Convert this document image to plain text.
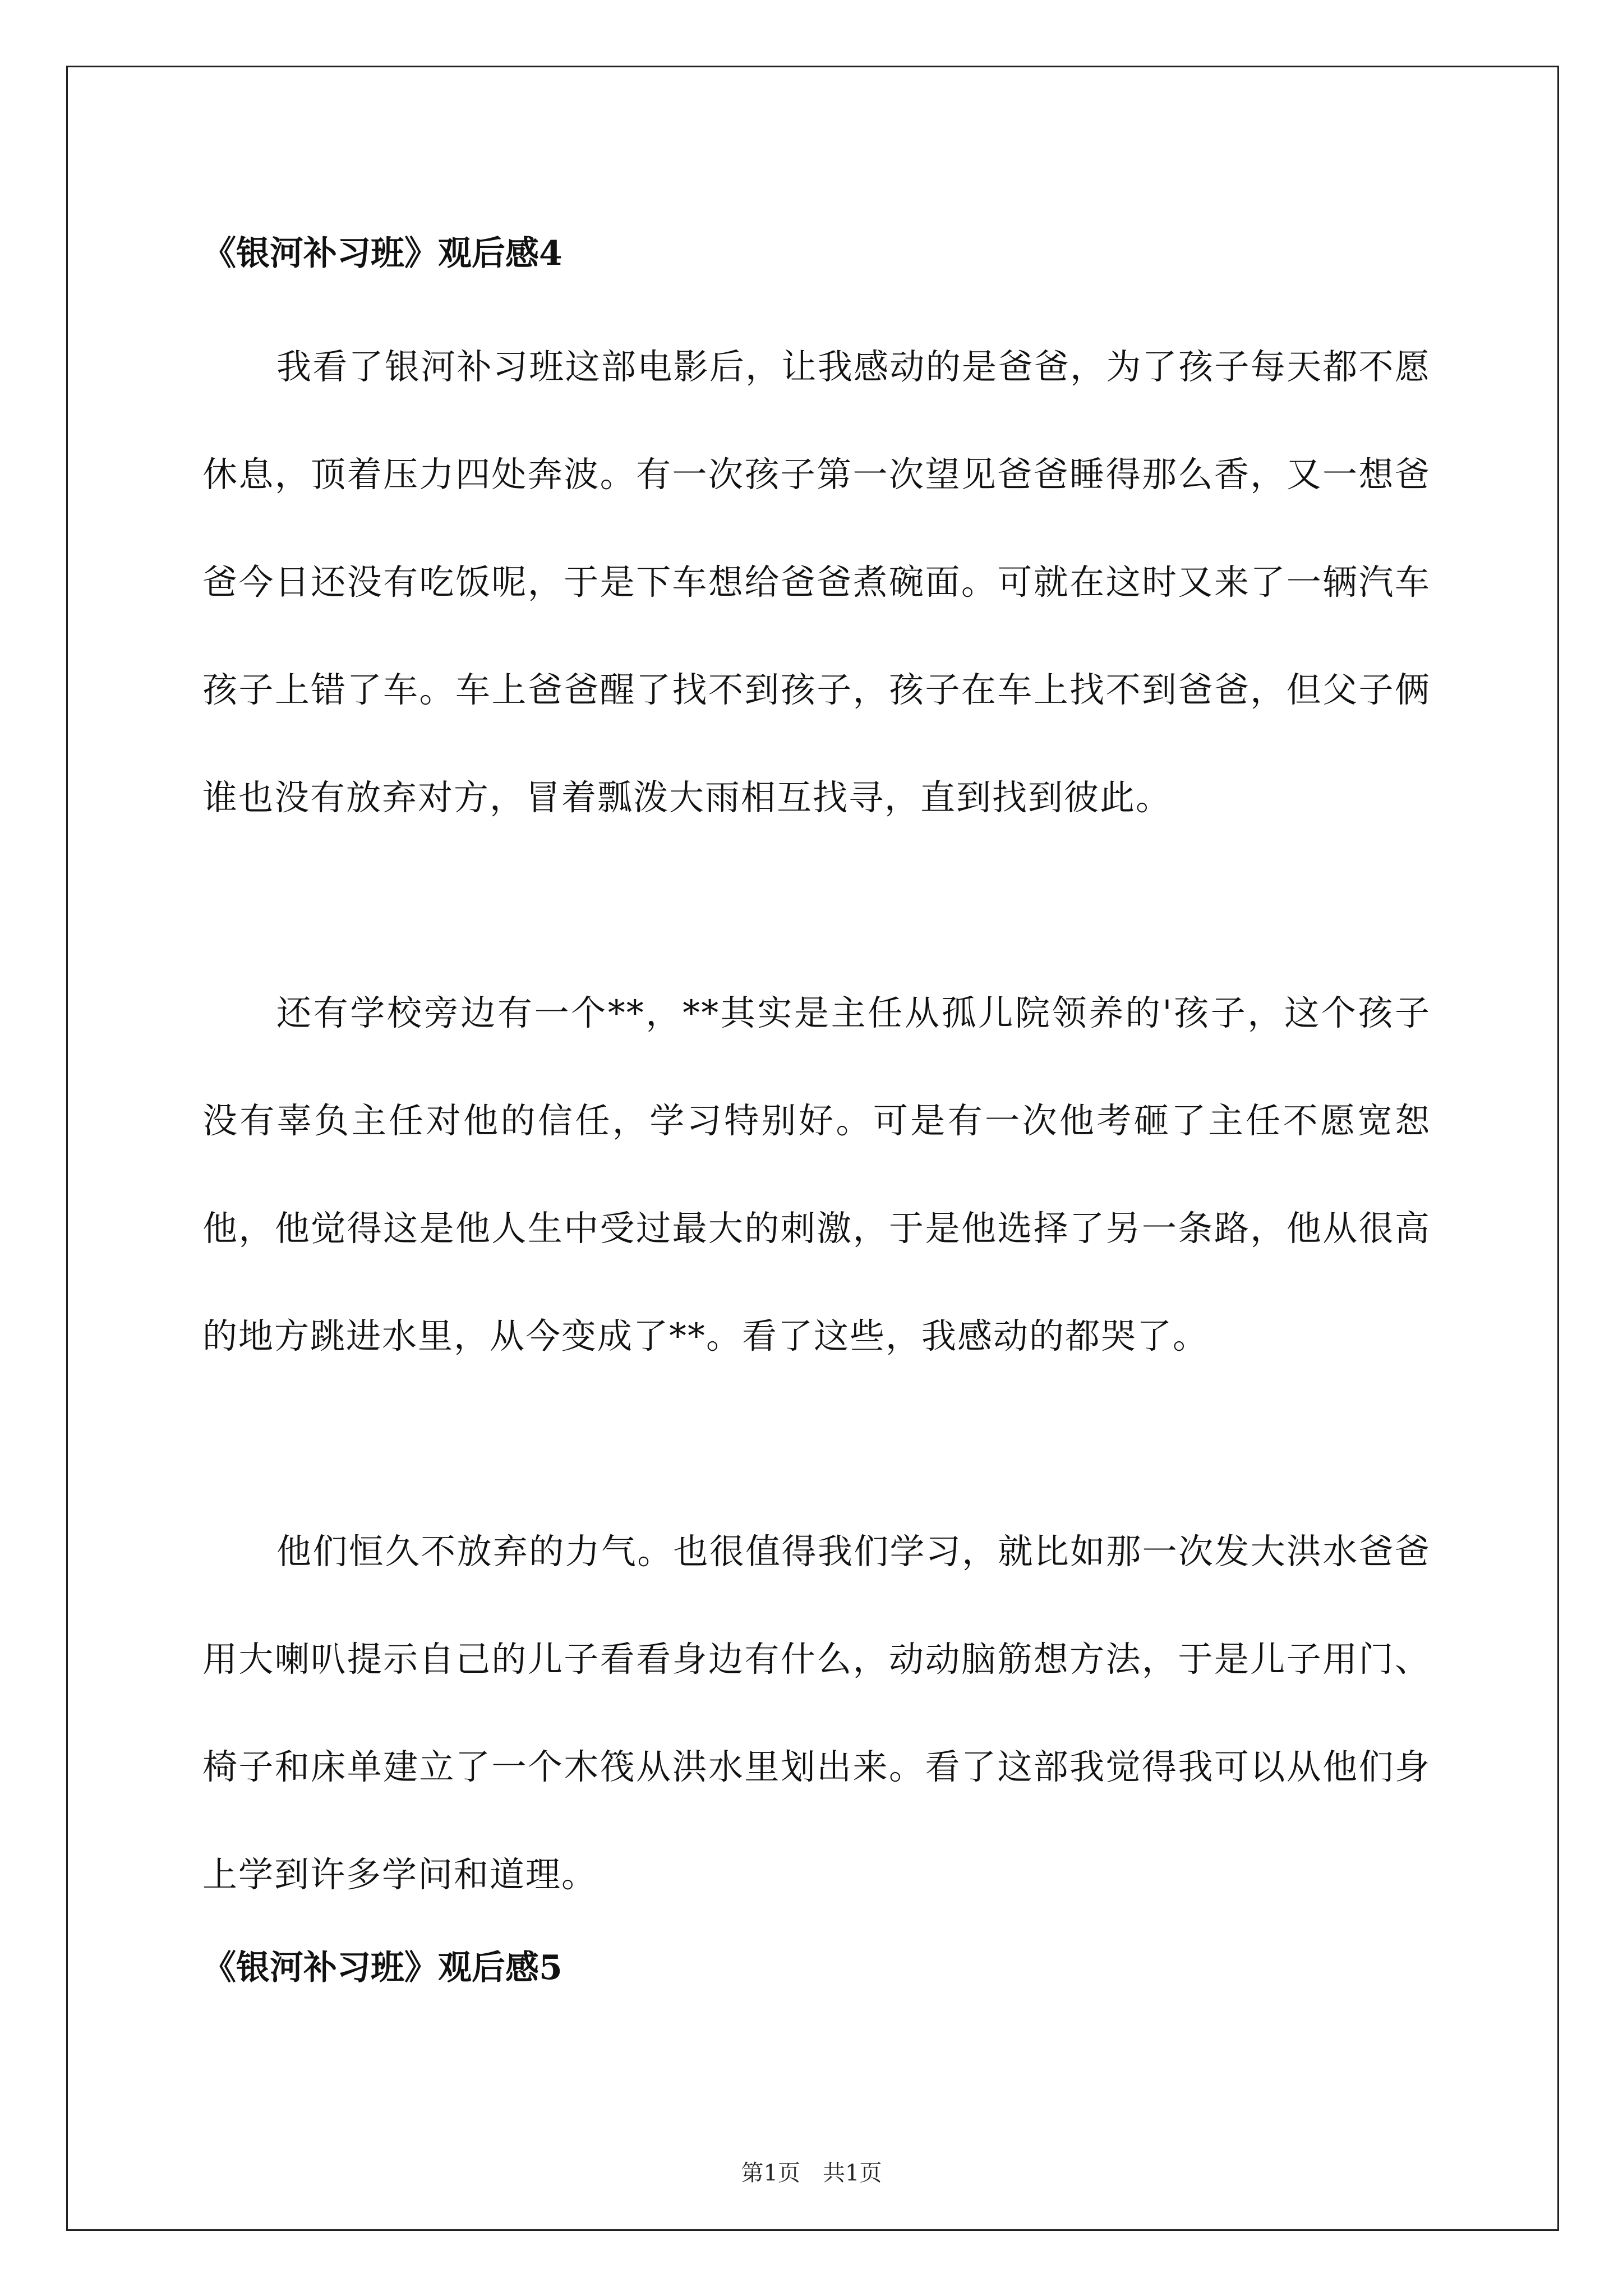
《银河补习班》观后感4

我看了银河补习班这部电影后，让我感动的是爸爸，为了孩子每天都不愿休息，顶着压力四处奔波。有一次孩子第一次望见爸爸睡得那么香，又一想爸爸今日还没有吃饭呢，于是下车想给爸爸煮碗面。可就在这时又来了一辆汽车孩子上错了车。车上爸爸醒了找不到孩子，孩子在车上找不到爸爸，但父子俩谁也没有放弃对方，冒着瓢泼大雨相互找寻，直到找到彼此。

还有学校旁边有一个**，**其实是主任从孤儿院领养的'孩子，这个孩子没有辜负主任对他的信任，学习特别好。可是有一次他考砸了主任不愿宽恕他，他觉得这是他人生中受过最大的刺激，于是他选择了另一条路，他从很高的地方跳进水里，从今变成了**。看了这些，我感动的都哭了。

他们恒久不放弃的力气。也很值得我们学习，就比如那一次发大洪水爸爸用大喇叭提示自己的儿子看看身边有什么，动动脑筋想方法，于是儿子用门、椅子和床单建立了一个木筏从洪水里划出来。看了这部我觉得我可以从他们身上学到许多学问和道理。

《银河补习班》观后感5
第1页　共1页
